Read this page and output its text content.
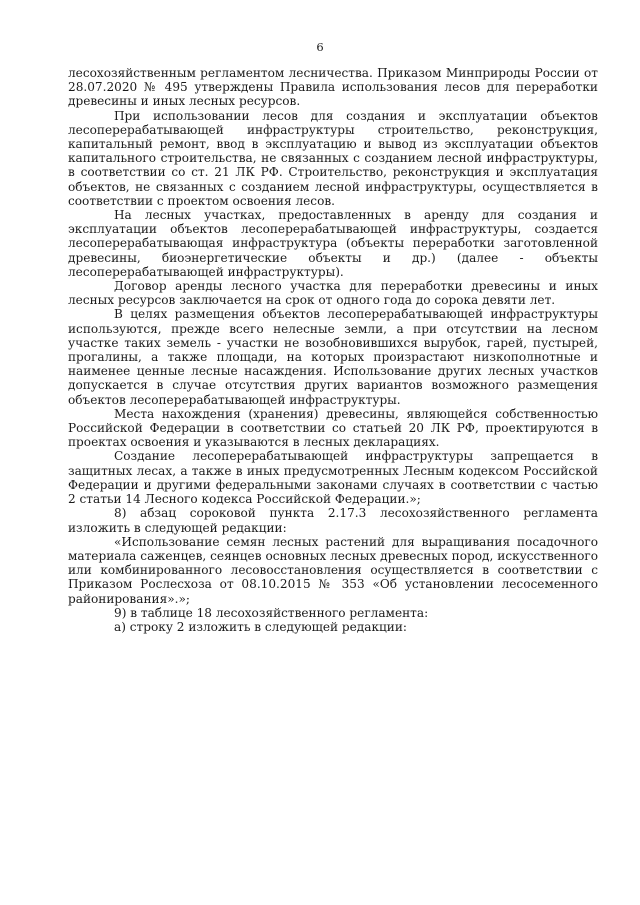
6

лесохозяйственным регламентом лесничества. Приказом Минприроды России от 28.07.2020 № 495 утверждены Правила использования лесов для переработки древесины и иных лесных ресурсов.

При использовании лесов для создания и эксплуатации объектов лесоперерабатывающей инфраструктуры строительство, реконструкция, капитальный ремонт, ввод в эксплуатацию и вывод из эксплуатации объектов капитального строительства, не связанных с созданием лесной инфраструктуры, в соответствии со ст. 21 ЛК РФ. Строительство, реконструкция и эксплуатация объектов, не связанных с созданием лесной инфраструктуры, осуществляется в соответствии с проектом освоения лесов.

На лесных участках, предоставленных в аренду для создания и эксплуатации объектов лесоперерабатывающей инфраструктуры, создается лесоперерабатывающая инфраструктура (объекты переработки заготовленной древесины, биоэнергетические объекты и др.) (далее - объекты лесоперерабатывающей инфраструктуры).

Договор аренды лесного участка для переработки древесины и иных лесных ресурсов заключается на срок от одного года до сорока девяти лет.

В целях размещения объектов лесоперерабатывающей инфраструктуры используются, прежде всего нелесные земли, а при отсутствии на лесном участке таких земель - участки не возобновившихся вырубок, гарей, пустырей, прогалины, а также площади, на которых произрастают низкополнотные и наименее ценные лесные насаждения. Использование других лесных участков допускается в случае отсутствия других вариантов возможного размещения объектов лесоперерабатывающей инфраструктуры.

Места нахождения (хранения) древесины, являющейся собственностью Российской Федерации в соответствии со статьей 20 ЛК РФ, проектируются в проектах освоения и указываются в лесных декларациях.

Создание лесоперерабатывающей инфраструктуры запрещается в защитных лесах, а также в иных предусмотренных Лесным кодексом Российской Федерации и другими федеральными законами случаях в соответствии с частью 2 статьи 14 Лесного кодекса Российской Федерации.»;

8) абзац сороковой пункта 2.17.3 лесохозяйственного регламента изложить в следующей редакции:

«Использование семян лесных растений для выращивания посадочного материала саженцев, сеянцев основных лесных древесных пород, искусственного или комбинированного лесовосстановления осуществляется в соответствии с Приказом Рослесхоза от 08.10.2015 № 353 «Об установлении лесосеменного районирования».»;

9) в таблице 18 лесохозяйственного регламента:

а) строку 2 изложить в следующей редакции:
